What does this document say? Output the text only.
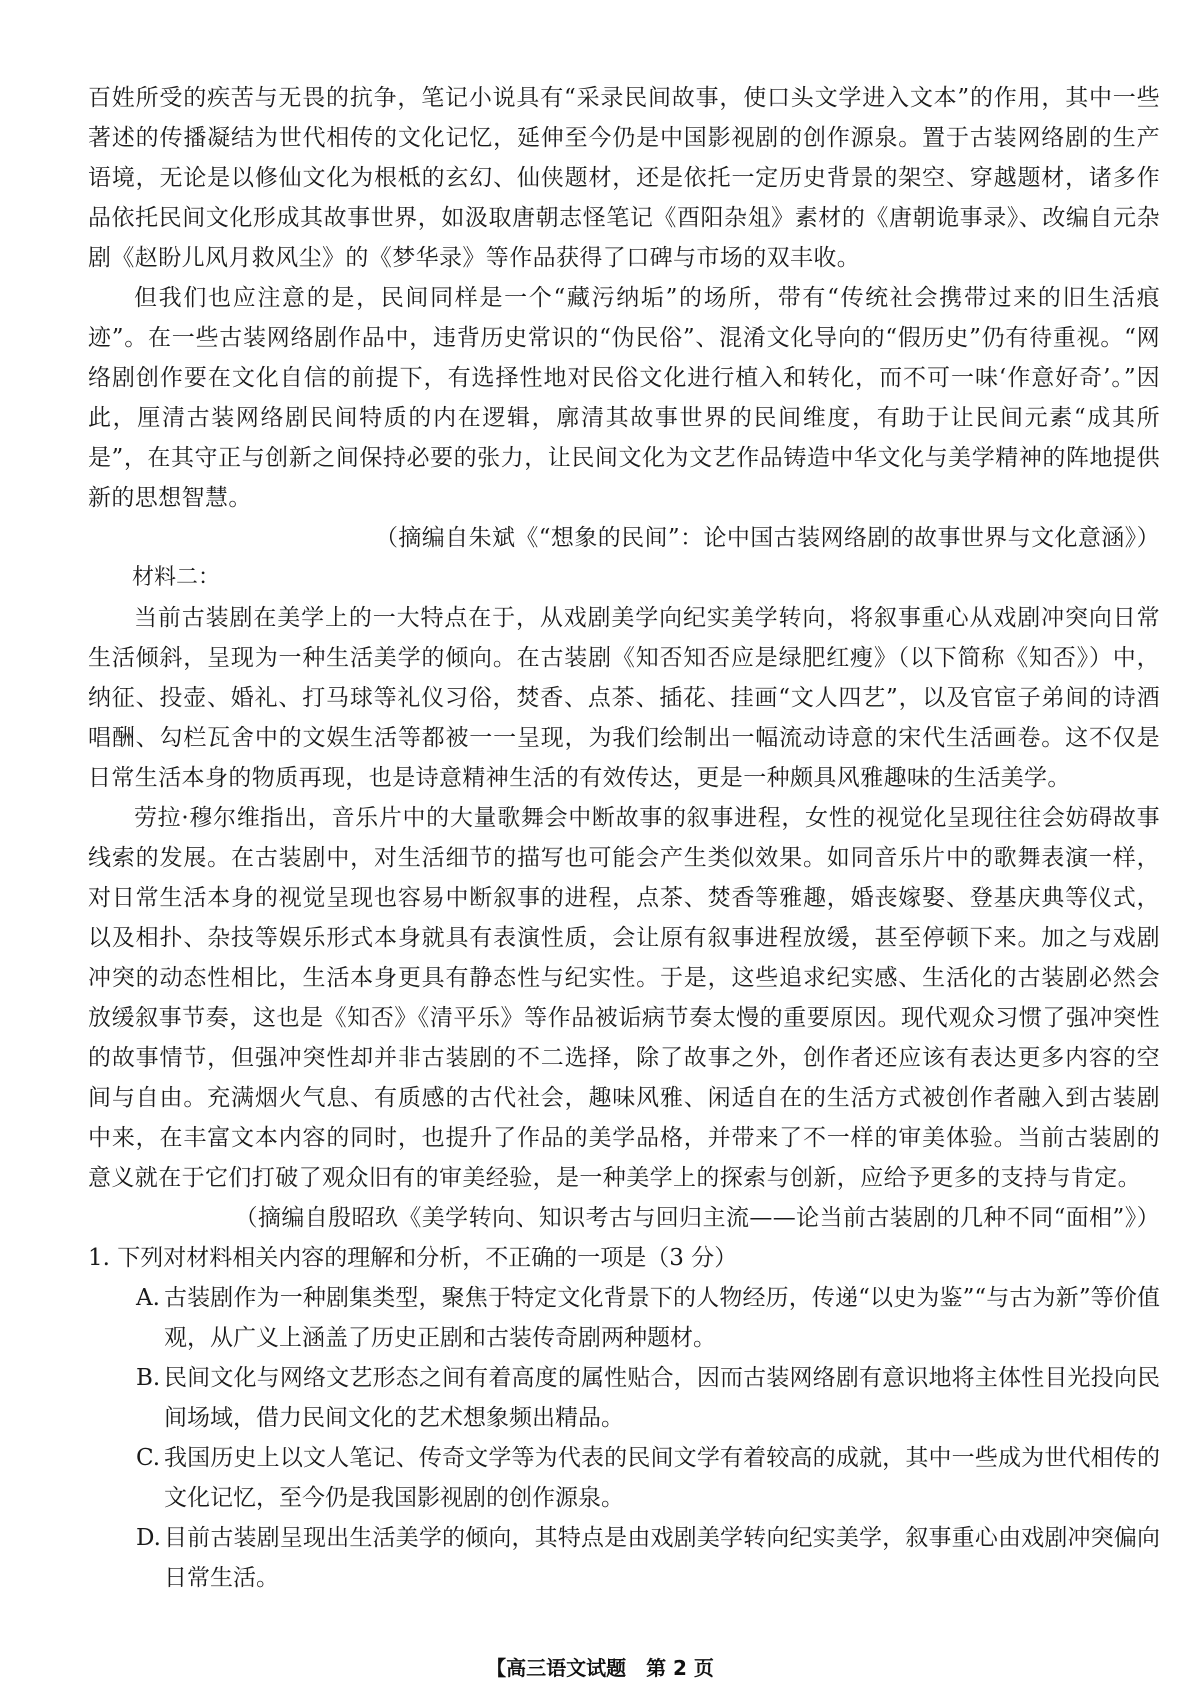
百姓所受的疾苦与无畏的抗争，笔记小说具有“采录民间故事，使口头文学进入文本”的作用，其中一些著述的传播凝结为世代相传的文化记忆，延伸至今仍是中国影视剧的创作源泉。置于古装网络剧的生产语境，无论是以修仙文化为根柢的玄幻、仙侠题材，还是依托一定历史背景的架空、穿越题材，诸多作品依托民间文化形成其故事世界，如汲取唐朝志怪笔记《酉阳杂俎》素材的《唐朝诡事录》、改编自元杂剧《赵盼儿风月救风尘》的《梦华录》等作品获得了口碑与市场的双丰收。

但我们也应注意的是，民间同样是一个“藏污纳垢”的场所，带有“传统社会携带过来的旧生活痕迹”。在一些古装网络剧作品中，违背历史常识的“伪民俗”、混淆文化导向的“假历史”仍有待重视。“网络剧创作要在文化自信的前提下，有选择性地对民俗文化进行植入和转化，而不可一味‘作意好奇’。”因此，厘清古装网络剧民间特质的内在逻辑，廓清其故事世界的民间维度，有助于让民间元素“成其所是”，在其守正与创新之间保持必要的张力，让民间文化为文艺作品铸造中华文化与美学精神的阵地提供新的思想智慧。

（摘编自朱斌《“想象的民间”：论中国古装网络剧的故事世界与文化意涵》）

材料二：

当前古装剧在美学上的一大特点在于，从戏剧美学向纪实美学转向，将叙事重心从戏剧冲突向日常生活倾斜，呈现为一种生活美学的倾向。在古装剧《知否知否应是绿肥红瘦》（以下简称《知否》）中，纳征、投壶、婚礼、打马球等礼仪习俗，焚香、点茶、插花、挂画“文人四艺”，以及官宦子弟间的诗酒唱酬、勾栏瓦舍中的文娱生活等都被一一呈现，为我们绘制出一幅流动诗意的宋代生活画卷。这不仅是日常生活本身的物质再现，也是诗意精神生活的有效传达，更是一种颇具风雅趣味的生活美学。

劳拉·穆尔维指出，音乐片中的大量歌舞会中断故事的叙事进程，女性的视觉化呈现往往会妨碍故事线索的发展。在古装剧中，对生活细节的描写也可能会产生类似效果。如同音乐片中的歌舞表演一样，对日常生活本身的视觉呈现也容易中断叙事的进程，点茶、焚香等雅趣，婚丧嫁娶、登基庆典等仪式，以及相扑、杂技等娱乐形式本身就具有表演性质，会让原有叙事进程放缓，甚至停顿下来。加之与戏剧冲突的动态性相比，生活本身更具有静态性与纪实性。于是，这些追求纪实感、生活化的古装剧必然会放缓叙事节奏，这也是《知否》《清平乐》等作品被诟病节奏太慢的重要原因。现代观众习惯了强冲突性的故事情节，但强冲突性却并非古装剧的不二选择，除了故事之外，创作者还应该有表达更多内容的空间与自由。充满烟火气息、有质感的古代社会，趣味风雅、闲适自在的生活方式被创作者融入到古装剧中来，在丰富文本内容的同时，也提升了作品的美学品格，并带来了不一样的审美体验。当前古装剧的意义就在于它们打破了观众旧有的审美经验，是一种美学上的探索与创新，应给予更多的支持与肯定。

（摘编自殷昭玖《美学转向、知识考古与回归主流——论当前古装剧的几种不同“面相”》）

1. 下列对材料相关内容的理解和分析，不正确的一项是（3 分）
A. 古装剧作为一种剧集类型，聚焦于特定文化背景下的人物经历，传递“以史为鉴”“与古为新”等价值观，从广义上涵盖了历史正剧和古装传奇剧两种题材。
B. 民间文化与网络文艺形态之间有着高度的属性贴合，因而古装网络剧有意识地将主体性目光投向民间场域，借力民间文化的艺术想象频出精品。
C. 我国历史上以文人笔记、传奇文学等为代表的民间文学有着较高的成就，其中一些成为世代相传的文化记忆，至今仍是我国影视剧的创作源泉。
D. 目前古装剧呈现出生活美学的倾向，其特点是由戏剧美学转向纪实美学，叙事重心由戏剧冲突偏向日常生活。
【高三语文试题　第 2 页
